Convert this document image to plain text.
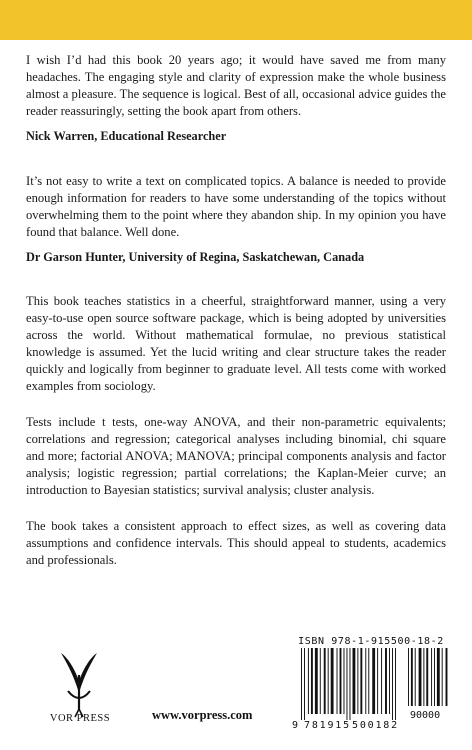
I wish I’d had this book 20 years ago; it would have saved me from many headaches. The engaging style and clarity of expression make the whole business almost a pleasure. The sequence is logical. Best of all, occasional advice guides the reader reassuringly, setting the book apart from others.

Nick Warren, Educational Researcher

It’s not easy to write a text on complicated topics. A balance is needed to provide enough information for readers to have some understanding of the topics without overwhelming them to the point where they abandon ship. In my opinion you have found that balance. Well done.

Dr Garson Hunter, University of Regina, Saskatchewan, Canada

This book teaches statistics in a cheerful, straightforward manner, using a very easy-to-use open source software package, which is being adopted by universities across the world. Without mathematical formulae, no previous statistical knowledge is assumed. Yet the lucid writing and clear structure takes the reader quickly and logically from beginner to graduate level. All tests come with worked examples from sociology.

Tests include t tests, one-way ANOVA, and their non-parametric equivalents; correlations and regression; categorical analyses including binomial, chi square and more; factorial ANOVA; MANOVA; principal components analysis and factor analysis; logistic regression; partial correlations; the Kaplan-Meier curve; an introduction to Bayesian statistics; survival analysis; cluster analysis.

The book takes a consistent approach to effect sizes, as well as covering data assumptions and confidence intervals. This should appeal to students, academics and professionals.

VOR PRESS	www.vorpress.com
ISBN 978-1-915500-18-2
90000
9 781915 500182
